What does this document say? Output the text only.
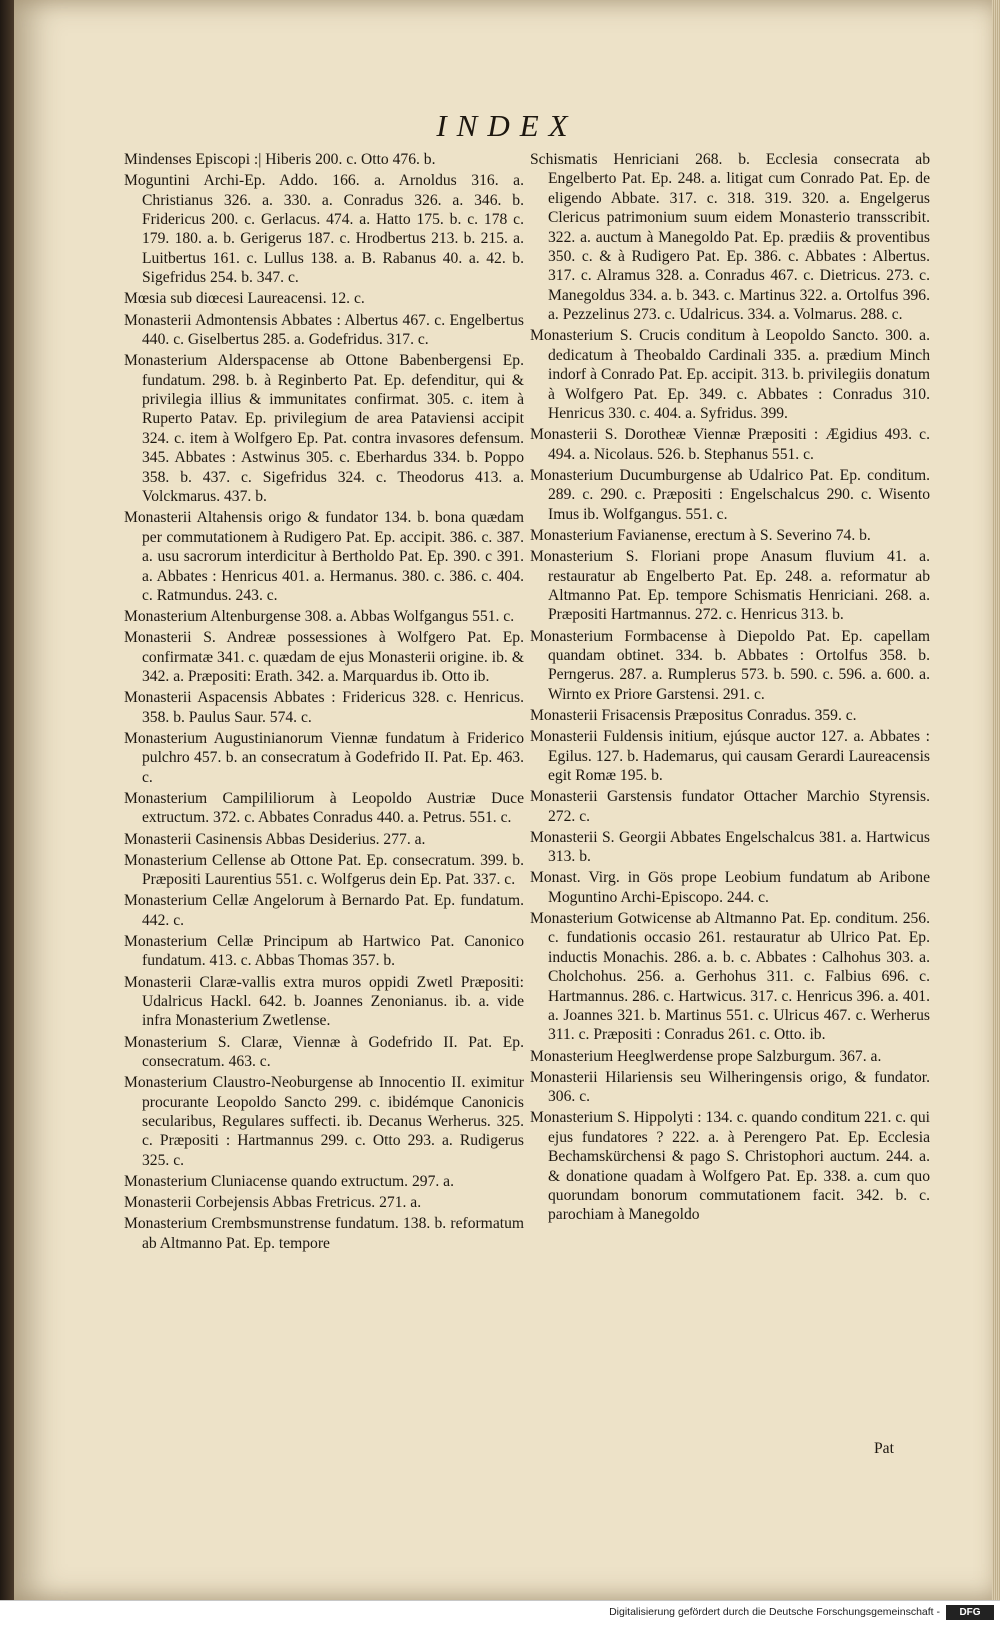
INDEX

Mindenses Episcopi :| Hiberis 200. c. Otto 476. b.

Moguntini Archi-Ep. Addo. 166. a. Arnoldus 316. a. Christianus 326. a. 330. a. Conradus 326. a. 346. b. Fridericus 200. c. Gerlacus. 474. a. Hatto 175. b. c. 178 c. 179. 180. a. b. Gerigerus 187. c. Hrodbertus 213. b. 215. a. Luitbertus 161. c. Lullus 138. a. B. Rabanus 40. a. 42. b. Sigefridus 254. b. 347. c.

Mœsia sub diœcesi Laureacensi. 12. c.

Monasterii Admontensis Abbates : Albertus 467. c. Engelbertus 440. c. Giselbertus 285. a. Godefridus. 317. c.

Monasterium Alderspacense ab Ottone Babenbergensi Ep. fundatum. 298. b. à Reginberto Pat. Ep. defenditur, qui & privilegia illius & immunitates confirmat. 305. c. item à Ruperto Patav. Ep. privilegium de area Pataviensi accipit 324. c. item à Wolfgero Ep. Pat. contra invasores defensum. 345. Abbates : Astwinus 305. c. Eberhardus 334. b. Poppo 358. b. 437. c. Sigefridus 324. c. Theodorus 413. a. Volckmarus. 437. b.

Monasterii Altahensis origo & fundator 134. b. bona quædam per commutationem à Rudigero Pat. Ep. accipit. 386. c. 387. a. usu sacrorum interdicitur à Bertholdo Pat. Ep. 390. c 391. a. Abbates : Henricus 401. a. Hermanus. 380. c. 386. c. 404. c. Ratmundus. 243. c.

Monasterium Altenburgense 308. a. Abbas Wolfgangus 551. c.

Monasterii S. Andreæ possessiones à Wolfgero Pat. Ep. confirmatæ 341. c. quædam de ejus Monasterii origine. ib. & 342. a. Præpositi: Erath. 342. a. Marquardus ib. Otto ib.

Monasterii Aspacensis Abbates : Fridericus 328. c. Henricus. 358. b. Paulus Saur. 574. c.

Monasterium Augustinianorum Viennæ fundatum à Friderico pulchro 457. b. an consecratum à Godefrido II. Pat. Ep. 463. c.

Monasterium Campililiorum à Leopoldo Austriæ Duce extructum. 372. c. Abbates Conradus 440. a. Petrus. 551. c.

Monasterii Casinensis Abbas Desiderius. 277. a.

Monasterium Cellense ab Ottone Pat. Ep. consecratum. 399. b. Præpositi Laurentius 551. c. Wolfgerus dein Ep. Pat. 337. c.

Monasterium Cellæ Angelorum à Bernardo Pat. Ep. fundatum. 442. c.

Monasterium Cellæ Principum ab Hartwico Pat. Canonico fundatum. 413. c. Abbas Thomas 357. b.

Monasterii Claræ-vallis extra muros oppidi Zwetl Præpositi: Udalricus Hackl. 642. b. Joannes Zenonianus. ib. a. vide infra Monasterium Zwetlense.

Monasterium S. Claræ, Viennæ à Godefrido II. Pat. Ep. consecratum. 463. c.

Monasterium Claustro-Neoburgense ab Innocentio II. eximitur procurante Leopoldo Sancto 299. c. ibidémque Canonicis secularibus, Regulares suffecti. ib. Decanus Werherus. 325. c. Præpositi : Hartmannus 299. c. Otto 293. a. Rudigerus 325. c.

Monasterium Cluniacense quando extructum. 297. a.

Monasterii Corbejensis Abbas Fretricus. 271. a.

Monasterium Crembsmunstrense fundatum. 138. b. reformatum ab Altmanno Pat. Ep. tempore

Schismatis Henriciani 268. b. Ecclesia consecrata ab Engelberto Pat. Ep. 248. a. litigat cum Conrado Pat. Ep. de eligendo Abbate. 317. c. 318. 319. 320. a. Engelgerus Clericus patrimonium suum eidem Monasterio transscribit. 322. a. auctum à Manegoldo Pat. Ep. prædiis & proventibus 350. c. & à Rudigero Pat. Ep. 386. c. Abbates : Albertus. 317. c. Alramus 328. a. Conradus 467. c. Dietricus. 273. c. Manegoldus 334. a. b. 343. c. Martinus 322. a. Ortolfus 396. a. Pezzelinus 273. c. Udalricus. 334. a. Volmarus. 288. c.

Monasterium S. Crucis conditum à Leopoldo Sancto. 300. a. dedicatum à Theobaldo Cardinali 335. a. prædium Minch indorf à Conrado Pat. Ep. accipit. 313. b. privilegiis donatum à Wolfgero Pat. Ep. 349. c. Abbates : Conradus 310. Henricus 330. c. 404. a. Syfridus. 399.

Monasterii S. Dorotheæ Viennæ Præpositi : Ægidius 493. c. 494. a. Nicolaus. 526. b. Stephanus 551. c.

Monasterium Ducumburgense ab Udalrico Pat. Ep. conditum. 289. c. 290. c. Præpositi : Engelschalcus 290. c. Wisento Imus ib. Wolfgangus. 551. c.

Monasterium Favianense, erectum à S. Severino 74. b.

Monasterium S. Floriani prope Anasum fluvium 41. a. restauratur ab Engelberto Pat. Ep. 248. a. reformatur ab Altmanno Pat. Ep. tempore Schismatis Henriciani. 268. a. Præpositi Hartmannus. 272. c. Henricus 313. b.

Monasterium Formbacense à Diepoldo Pat. Ep. capellam quandam obtinet. 334. b. Abbates : Ortolfus 358. b. Perngerus. 287. a. Rumplerus 573. b. 590. c. 596. a. 600. a. Wirnto ex Priore Garstensi. 291. c.

Monasterii Frisacensis Præpositus Conradus. 359. c.

Monasterii Fuldensis initium, ejúsque auctor 127. a. Abbates : Egilus. 127. b. Hademarus, qui causam Gerardi Laureacensis egit Romæ 195. b.

Monasterii Garstensis fundator Ottacher Marchio Styrensis. 272. c.

Monasterii S. Georgii Abbates Engelschalcus 381. a. Hartwicus 313. b.

Monast. Virg. in Gös prope Leobium fundatum ab Aribone Moguntino Archi-Episcopo. 244. c.

Monasterium Gotwicense ab Altmanno Pat. Ep. conditum. 256. c. fundationis occasio 261. restauratur ab Ulrico Pat. Ep. inductis Monachis. 286. a. b. c. Abbates : Calhohus 303. a. Cholchohus. 256. a. Gerhohus 311. c. Falbius 696. c. Hartmannus. 286. c. Hartwicus. 317. c. Henricus 396. a. 401. a. Joannes 321. b. Martinus 551. c. Ulricus 467. c. Werherus 311. c. Præpositi : Conradus 261. c. Otto. ib.

Monasterium Heeglwerdense prope Salzburgum. 367. a.

Monasterii Hilariensis seu Wilheringensis origo, & fundator. 306. c.

Monasterium S. Hippolyti : 134. c. quando conditum 221. c. qui ejus fundatores ? 222. a. à Perengero Pat. Ep. Ecclesia Bechamskürchensi & pago S. Christophori auctum. 244. a. & donatione quadam à Wolfgero Pat. Ep. 338. a. cum quo quorundam bonorum commutationem facit. 342. b. c. parochiam à Manegoldo

Pat
Digitalisierung gefördert durch die Deutsche Forschungsgemeinschaft -	DFG
